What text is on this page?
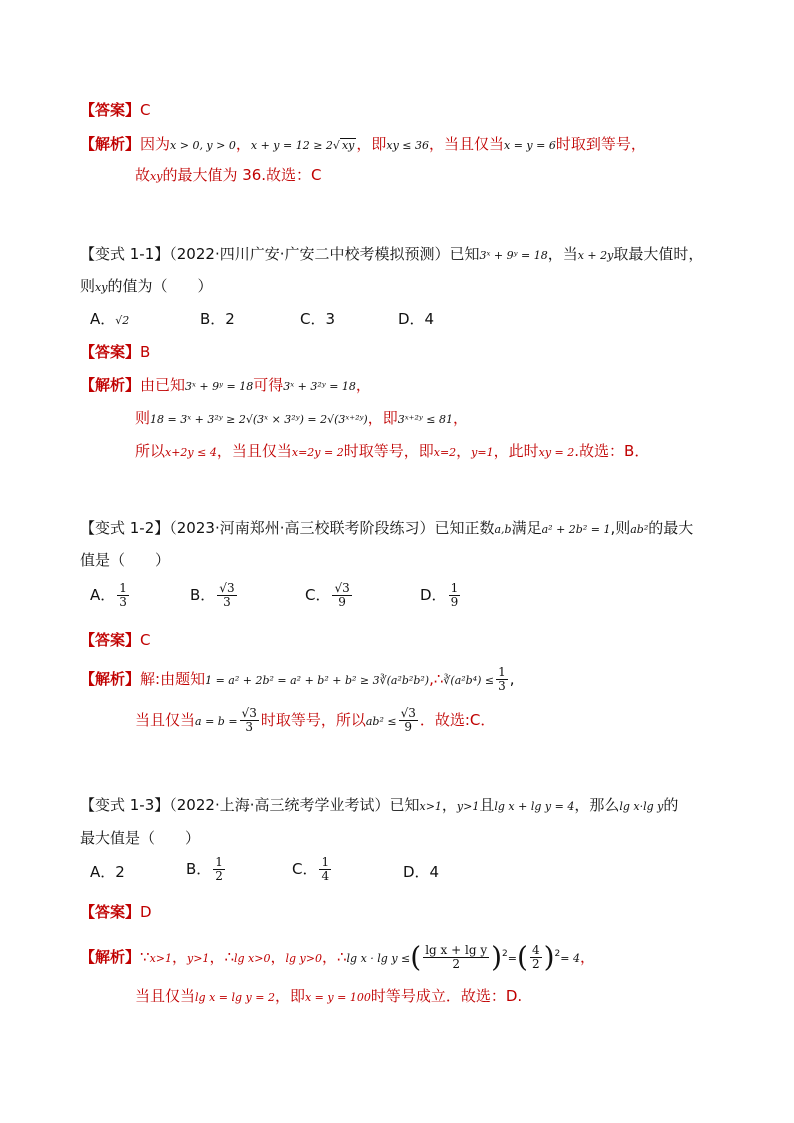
【答案】C
【解析】因为x > 0, y > 0，x + y = 12 ≥ 2√ xy ，即xy ≤ 36，当且仅当x = y = 6时取到等号，
故xy的最大值为 36.故选：C
【变式 1-1】（2022·四川广安·广安二中校考模拟预测）已知3ˣ + 9ʸ = 18，当x + 2y取最大值时，
则xy的值为（　　）
A．√2	B．2	C．3	D．4
【答案】B
【解析】由已知3ˣ + 9ʸ = 18可得3ˣ + 3²ʸ = 18，
则18 = 3ˣ + 3²ʸ ≥ 2√(3ˣ × 3²ʸ) = 2√(3ˣ⁺²ʸ)，即3ˣ⁺²ʸ ≤ 81，
所以x+2y ≤ 4，当且仅当x=2y = 2时取等号，即x=2，y=1，此时xy = 2.故选：B．
【变式 1-2】（2023·河南郑州·高三校联考阶段练习）已知正数a,b满足a² + 2b² = 1,则ab²的最大
值是（　　）
A． $\frac{1}{3}$	B． $\frac{√3}{3}$	C． $\frac{√3}{9}$	D． $\frac{1}{9}$
【答案】C
【解析】解:由题知1 = a² + 2b² = a² + b² + b² ≥ 3∛(a²b²b²),∴∛(a²b⁴) ≤ $\frac{1}{3}$ ,
当且仅当$a = b = \frac{√3}{3}$ 时取等号，所以$ab^2 \le \frac{√3}{9}$ ．故选:C．
【变式 1-3】（2022·上海·高三统考学业考试）已知x>1，y>1且lg x + lg y = 4，那么lg x·lg y的
最大值是（　　）
A．2	B． $\frac{1}{2}$	C． $\frac{1}{4}$	D．4
【答案】D
【解析】∵x>1，y>1，∴lg x>0，lg y>0，∴lg x · lg y ≤( $\frac{\text{lg x + lg y}}{2} )^2=( \frac{4}{2} )^2= 4$，
当且仅当lg x = lg y = 2，即x = y = 100时等号成立．故选：D.
